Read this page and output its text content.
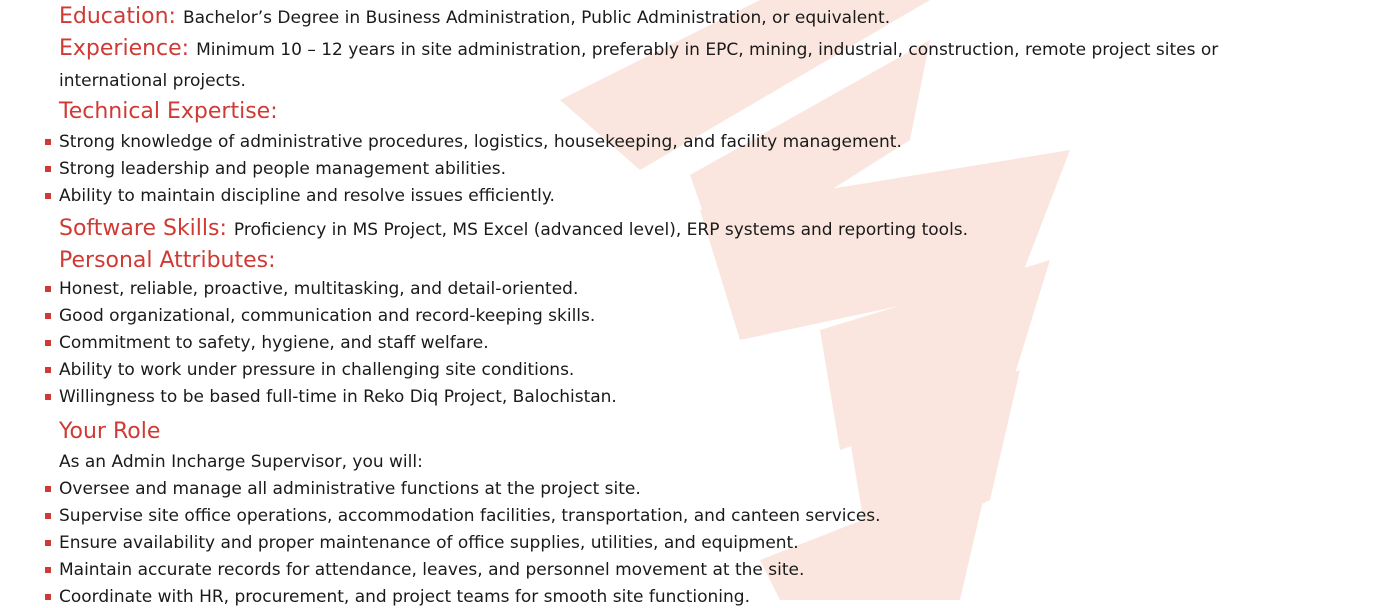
Education: Bachelor’s Degree in Business Administration, Public Administration, or equivalent.
Experience: Minimum 10 – 12 years in site administration, preferably in EPC, mining, industrial, construction, remote project sites or
international projects.
Technical Expertise:
Strong knowledge of administrative procedures, logistics, housekeeping, and facility management.
Strong leadership and people management abilities.
Ability to maintain discipline and resolve issues efficiently.
Software Skills: Proficiency in MS Project, MS Excel (advanced level), ERP systems and reporting tools.
Personal Attributes:
Honest, reliable, proactive, multitasking, and detail-oriented.
Good organizational, communication and record-keeping skills.
Commitment to safety, hygiene, and staff welfare.
Ability to work under pressure in challenging site conditions.
Willingness to be based full-time in Reko Diq Project, Balochistan.
Your Role
As an Admin Incharge Supervisor, you will:
Oversee and manage all administrative functions at the project site.
Supervise site office operations, accommodation facilities, transportation, and canteen services.
Ensure availability and proper maintenance of office supplies, utilities, and equipment.
Maintain accurate records for attendance, leaves, and personnel movement at the site.
Coordinate with HR, procurement, and project teams for smooth site functioning.
